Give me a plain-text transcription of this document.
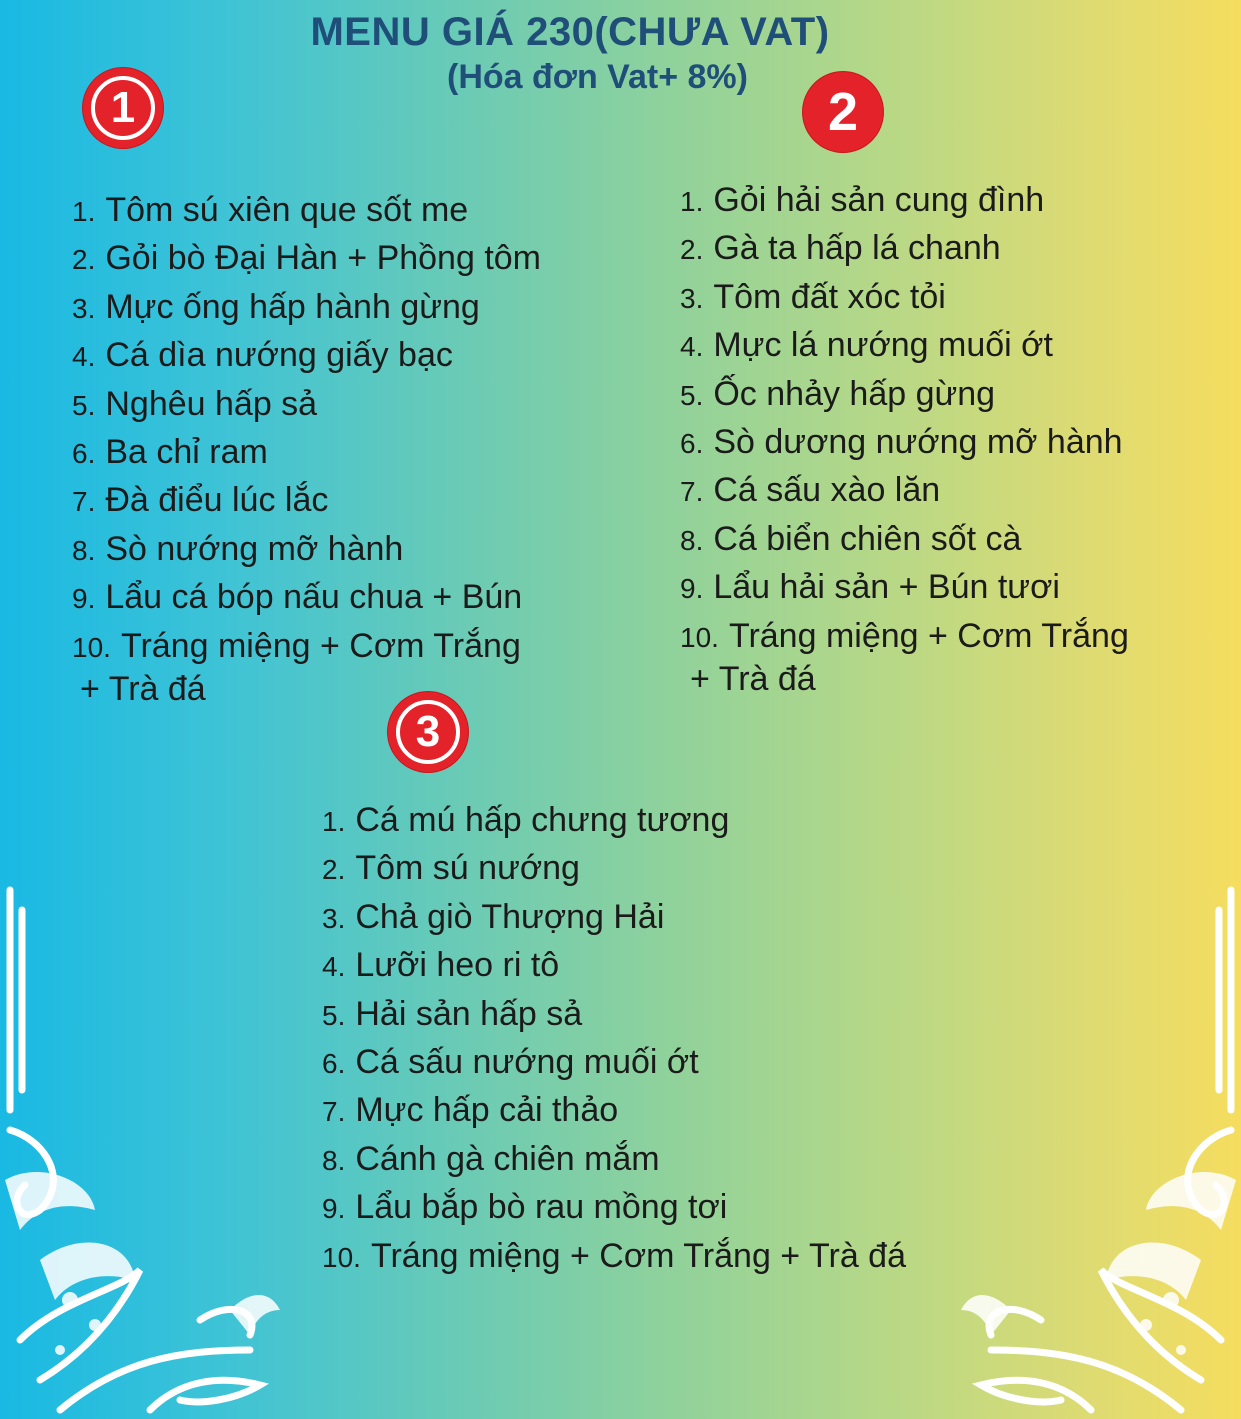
MENU GIÁ 230(CHƯA VAT)
(Hóa đơn Vat+ 8%)
1	2
3
1. Tôm sú xiên que sốt me
2. Gỏi bò Đại Hàn + Phồng tôm
3. Mực ống hấp hành gừng
4. Cá dìa nướng giấy bạc
5. Nghêu hấp sả
6. Ba chỉ ram
7. Đà điểu lúc lắc
8. Sò nướng mỡ hành
9. Lẩu cá bóp nấu chua + Bún
10. Tráng miệng + Cơm Trắng
+ Trà đá
1. Gỏi hải sản cung đình
2. Gà ta hấp lá chanh
3. Tôm đất xóc tỏi
4. Mực lá nướng muối ớt
5. Ốc nhảy hấp gừng
6. Sò dương nướng mỡ hành
7. Cá sấu xào lăn
8. Cá biển chiên sốt cà
9. Lẩu hải sản + Bún tươi
10. Tráng miệng + Cơm Trắng
+ Trà đá
1. Cá mú hấp chưng tương
2. Tôm sú nướng
3. Chả giò Thượng Hải
4. Lưỡi heo ri tô
5. Hải sản hấp sả
6. Cá sấu nướng muối ớt
7. Mực hấp cải thảo
8. Cánh gà chiên mắm
9. Lẩu bắp bò rau mồng tơi
10. Tráng miệng + Cơm Trắng + Trà đá
